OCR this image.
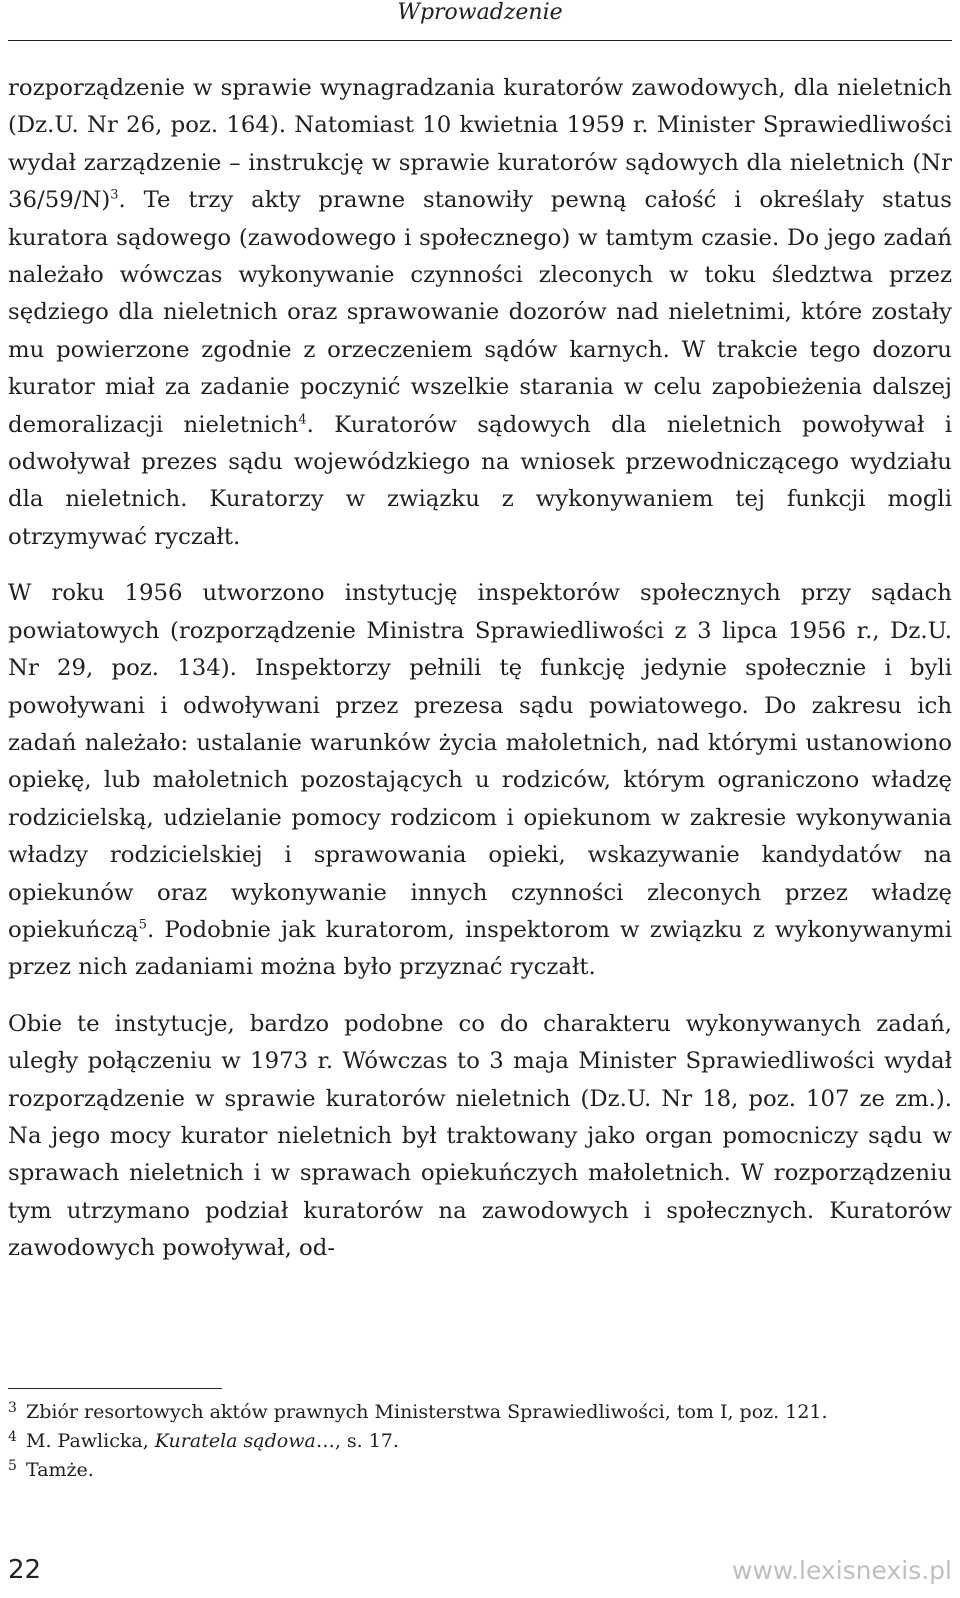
Wprowadzenie

rozporządzenie w sprawie wynagradzania kuratorów zawodowych, dla nieletnich (Dz.U. Nr 26, poz. 164). Natomiast 10 kwietnia 1959 r. Minister Sprawiedliwości wydał zarządzenie – instrukcję w sprawie kuratorów sądowych dla nieletnich (Nr 36/59/N)$^3$. Te trzy akty prawne stanowiły pewną całość i określały status kuratora sądowego (zawodowego i społecznego) w tamtym czasie. Do jego zadań należało wówczas wykonywanie czynności zleconych w toku śledztwa przez sędziego dla nieletnich oraz sprawowanie dozorów nad nieletnimi, które zostały mu powierzone zgodnie z orzeczeniem sądów karnych. W trakcie tego dozoru kurator miał za zadanie poczynić wszelkie starania w celu zapobieżenia dalszej demoralizacji nieletnich$^4$. Kuratorów sądowych dla nieletnich powoływał i odwoływał prezes sądu wojewódzkiego na wniosek przewodniczącego wydziału dla nieletnich. Kuratorzy w związku z wykonywaniem tej funkcji mogli otrzymywać ryczałt.

W roku 1956 utworzono instytucję inspektorów społecznych przy sądach powiatowych (rozporządzenie Ministra Sprawiedliwości z 3 lipca 1956 r., Dz.U. Nr 29, poz. 134). Inspektorzy pełnili tę funkcję jedynie społecznie i byli powoływani i odwoływani przez prezesa sądu powiatowego. Do zakresu ich zadań należało: ustalanie warunków życia małoletnich, nad którymi ustanowiono opiekę, lub małoletnich pozostających u rodziców, którym ograniczono władzę rodzicielską, udzielanie pomocy rodzicom i opiekunom w zakresie wykonywania władzy rodzicielskiej i sprawowania opieki, wskazywanie kandydatów na opiekunów oraz wykonywanie innych czynności zleconych przez władzę opiekuńczą$^5$. Podobnie jak kuratorom, inspektorom w związku z wykonywanymi przez nich zadaniami można było przyznać ryczałt.

Obie te instytucje, bardzo podobne co do charakteru wykonywanych zadań, uległy połączeniu w 1973 r. Wówczas to 3 maja Minister Sprawiedliwości wydał rozporządzenie w sprawie kuratorów nieletnich (Dz.U. Nr 18, poz. 107 ze zm.). Na jego mocy kurator nieletnich był traktowany jako organ pomocniczy sądu w sprawach nieletnich i w sprawach opiekuńczych małoletnich. W rozporządzeniu tym utrzymano podział kuratorów na zawodowych i społecznych. Kuratorów zawodowych powoływał, od-

3 Zbiór resortowych aktów prawnych Ministerstwa Sprawiedliwości, tom I, poz. 121.
4 M. Pawlicka, Kuratela sądowa…, s. 17.
5 Tamże.
22	www.lexisnexis.pl
